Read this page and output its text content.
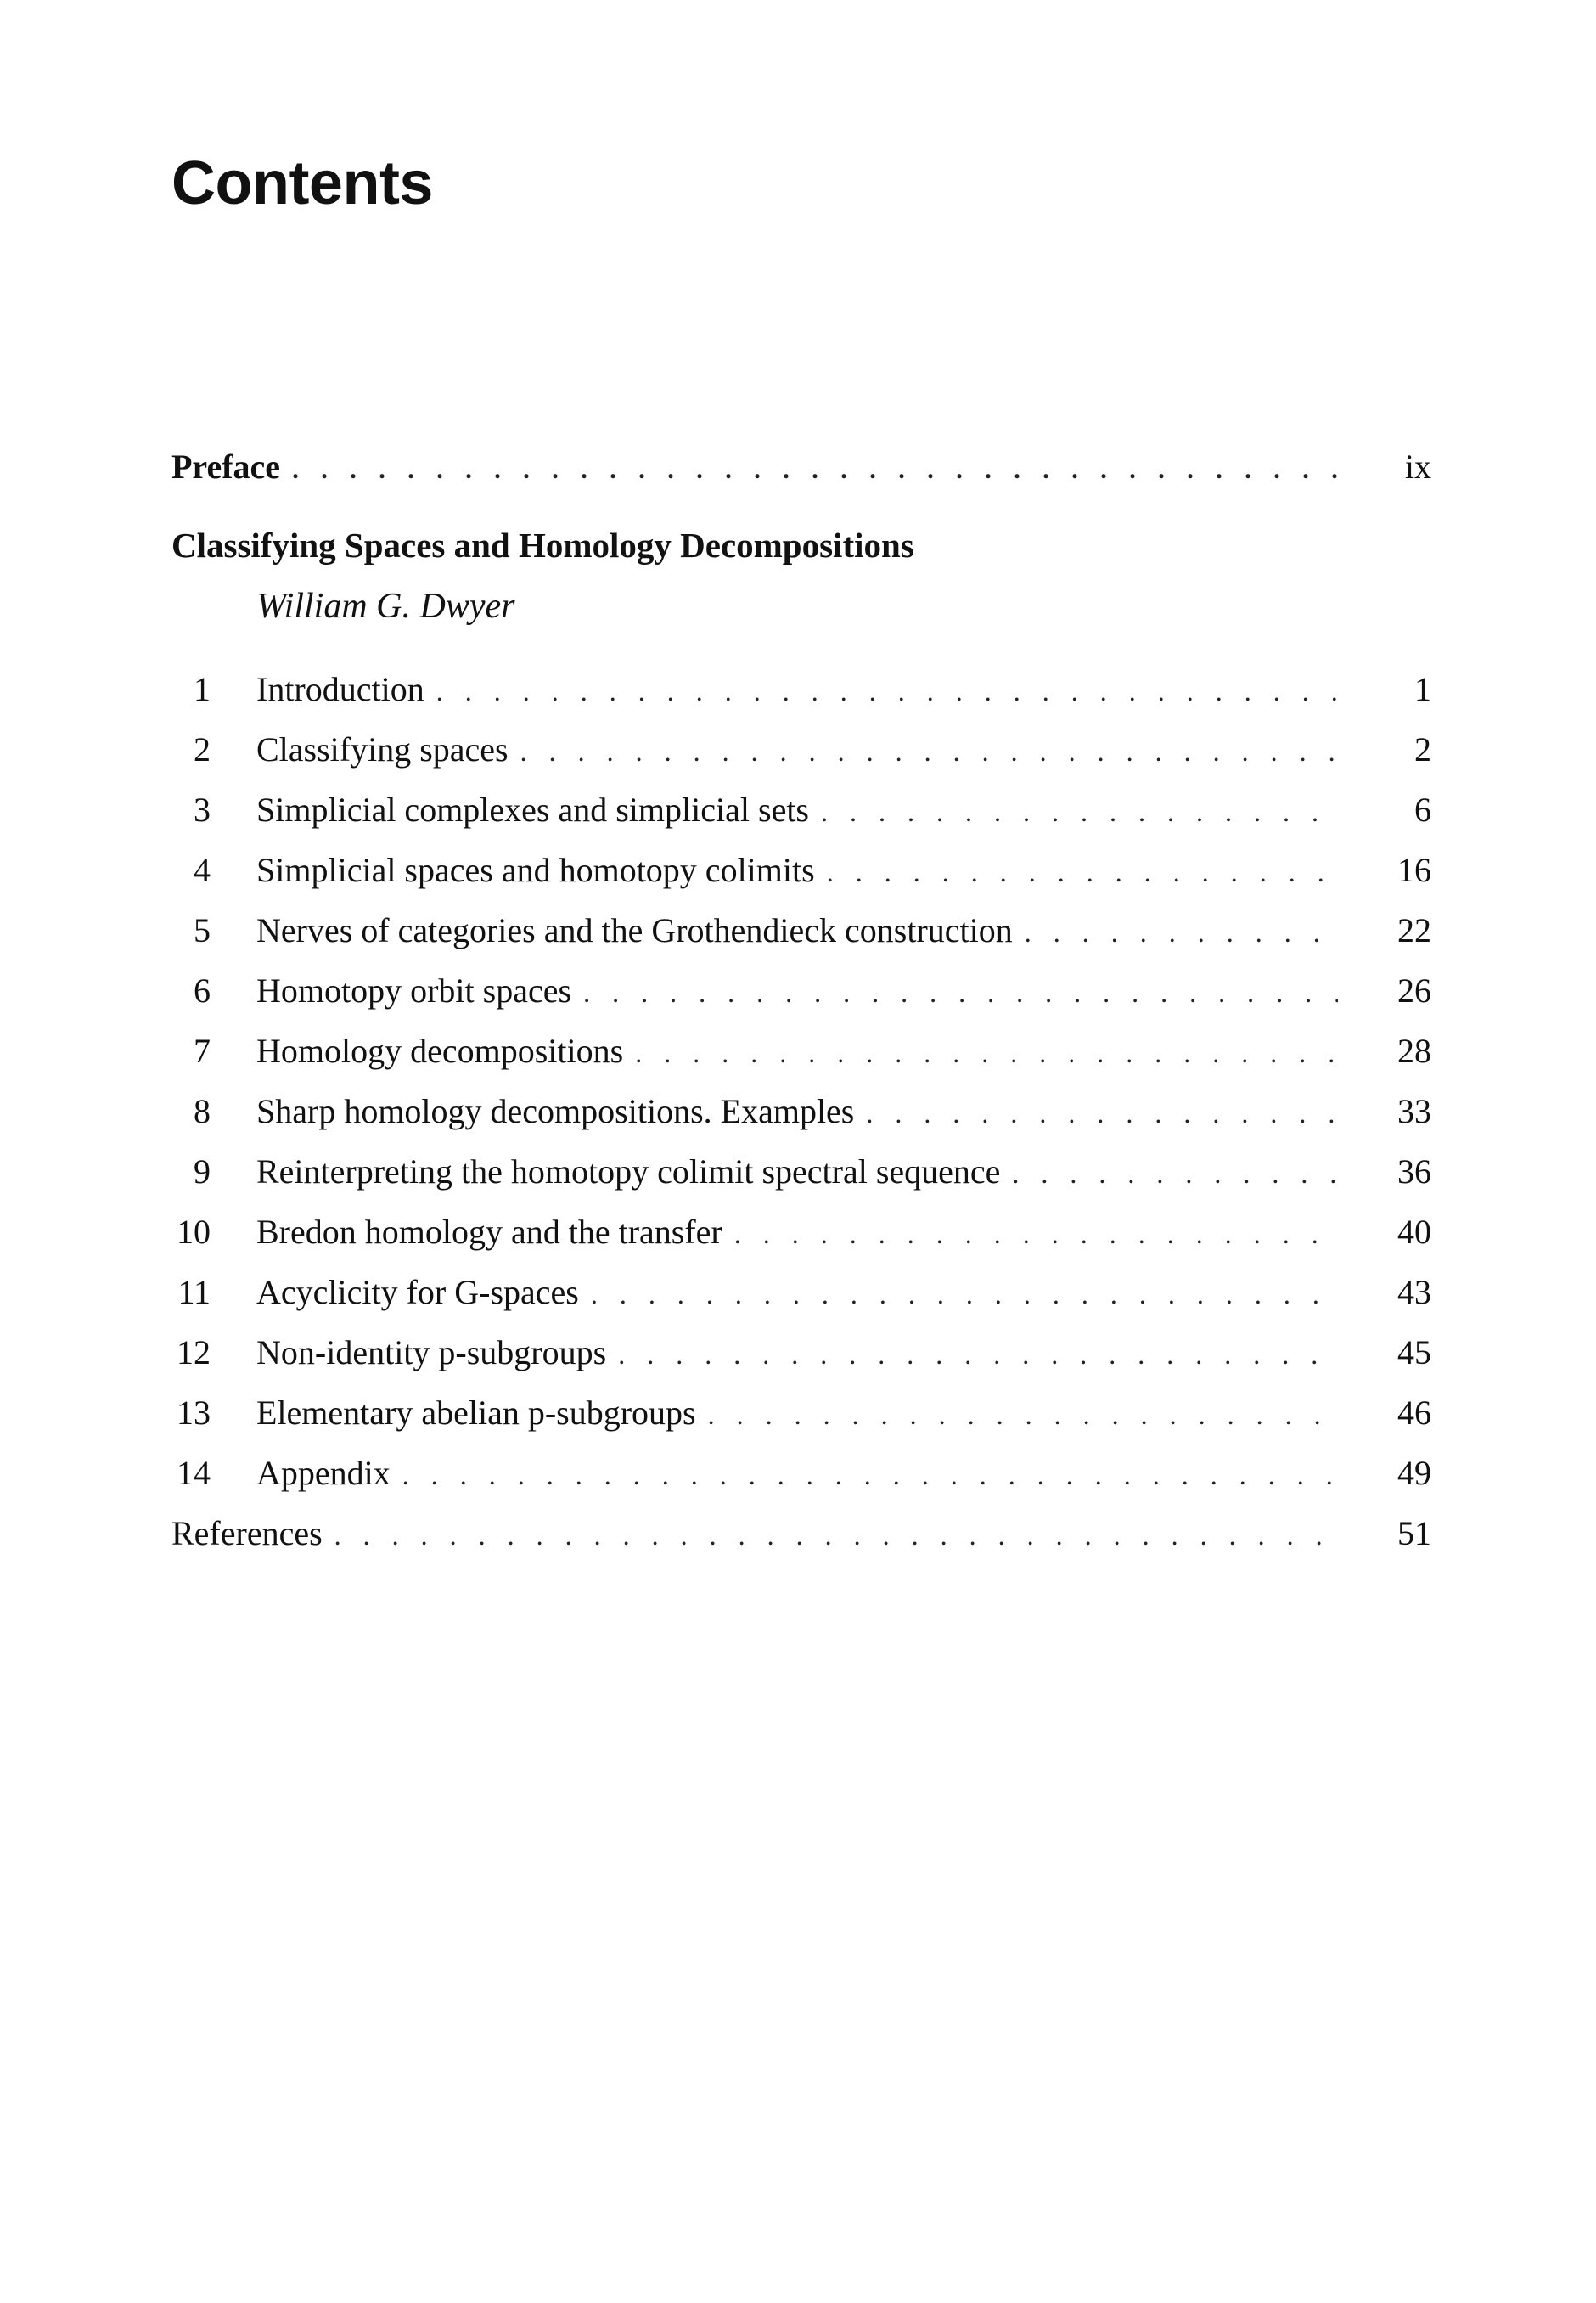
Contents
Preface . . .	ix
Classifying Spaces and Homology Decompositions
William G. Dwyer
1	Introduction . . .	1
2	Classifying spaces . . .	2
3	Simplicial complexes and simplicial sets . . .	6
4	Simplicial spaces and homotopy colimits . . .	16
5	Nerves of categories and the Grothendieck construction . . .	22
6	Homotopy orbit spaces . . .	26
7	Homology decompositions . . .	28
8	Sharp homology decompositions. Examples . . .	33
9	Reinterpreting the homotopy colimit spectral sequence . . .	36
10	Bredon homology and the transfer . . .	40
11	Acyclicity for G-spaces . . .	43
12	Non-identity p-subgroups . . .	45
13	Elementary abelian p-subgroups . . .	46
14	Appendix . . .	49
References . . .	51
